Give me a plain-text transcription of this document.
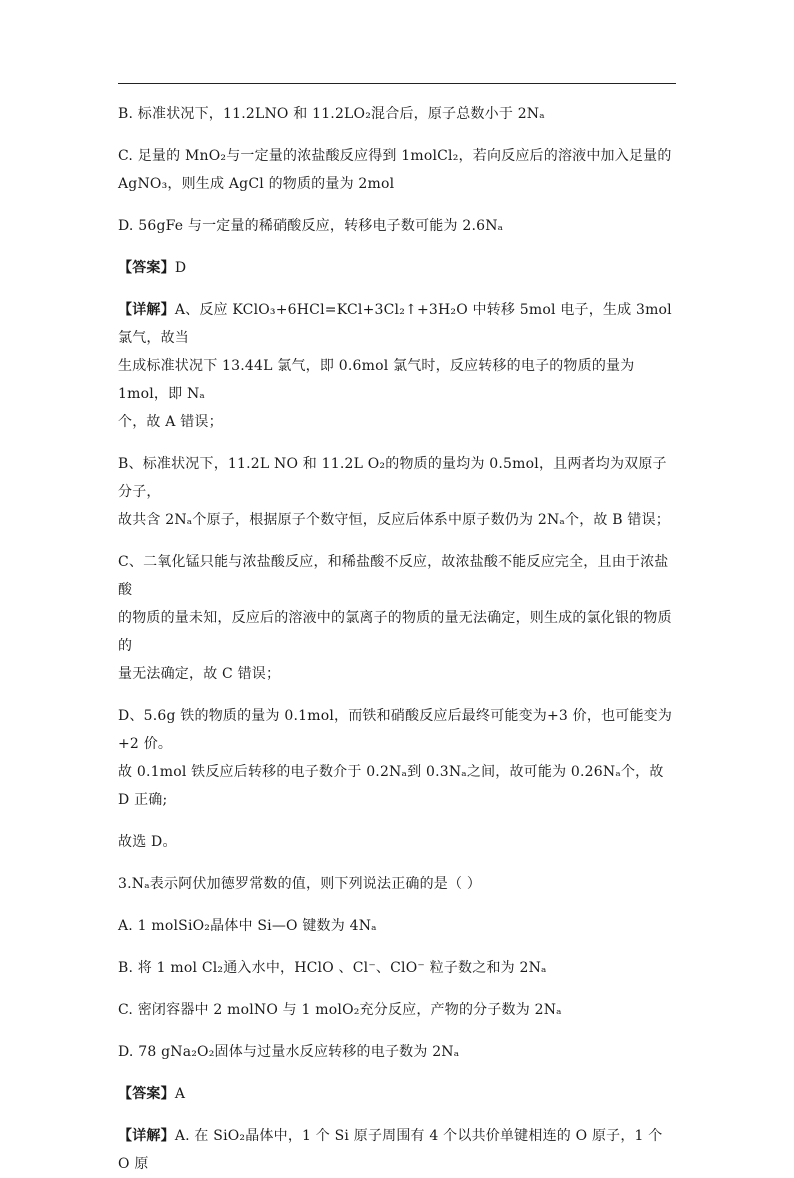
B. 标准状况下，11.2LNO 和 11.2LO₂混合后，原子总数小于 2Nₐ

C. 足量的 MnO₂与一定量的浓盐酸反应得到 1molCl₂，若向反应后的溶液中加入足量的

AgNO₃，则生成 AgCl 的物质的量为 2mol

D. 56gFe 与一定量的稀硝酸反应，转移电子数可能为 2.6Nₐ

【答案】D

【详解】A、反应 KClO₃+6HCl=KCl+3Cl₂↑+3H₂O 中转移 5mol 电子，生成 3mol 氯气，故当

生成标准状况下 13.44L 氯气，即 0.6mol 氯气时，反应转移的电子的物质的量为 1mol，即 Nₐ

个，故 A 错误；

B、标准状况下，11.2L NO 和 11.2L O₂的物质的量均为 0.5mol，且两者均为双原子分子，

故共含 2Nₐ个原子，根据原子个数守恒，反应后体系中原子数仍为 2Nₐ个，故 B 错误；

C、二氧化锰只能与浓盐酸反应，和稀盐酸不反应，故浓盐酸不能反应完全，且由于浓盐酸

的物质的量未知，反应后的溶液中的氯离子的物质的量无法确定，则生成的氯化银的物质的

量无法确定，故 C 错误；

D、5.6g 铁的物质的量为 0.1mol，而铁和硝酸反应后最终可能变为+3 价，也可能变为+2 价。

故 0.1mol 铁反应后转移的电子数介于 0.2Nₐ到 0.3Nₐ之间，故可能为 0.26Nₐ个，故 D 正确;

故选 D。

3.Nₐ表示阿伏加德罗常数的值，则下列说法正确的是（ ）

A. 1 molSiO₂晶体中 Si—O 键数为 4Nₐ

B. 将 1 mol Cl₂通入水中，HClO 、Cl⁻、ClO⁻ 粒子数之和为 2Nₐ

C. 密闭容器中 2 molNO 与 1 molO₂充分反应，产物的分子数为 2Nₐ

D. 78 gNa₂O₂固体与过量水反应转移的电子数为 2Nₐ

【答案】A

【详解】A. 在 SiO₂晶体中，1 个 Si 原子周围有 4 个以共价单键相连的 O 原子，1 个 O 原
